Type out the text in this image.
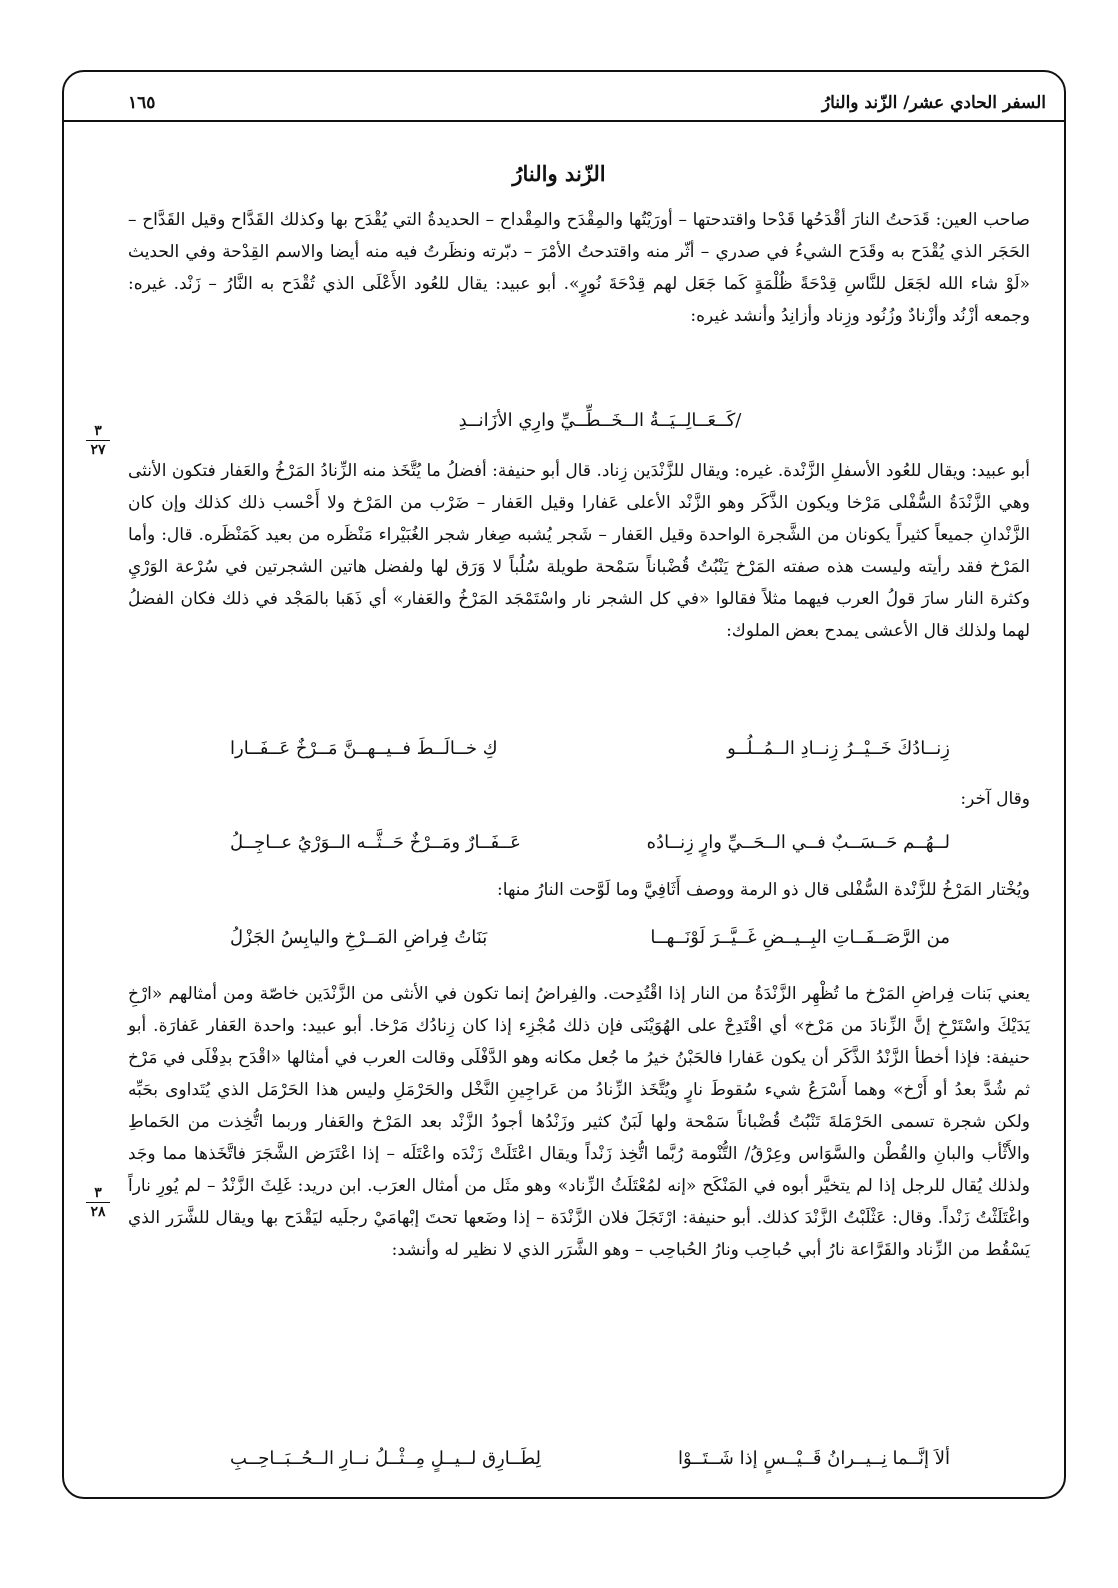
السفر الحادي عشر/ الزّند والنارُ
١٦٥
الزّند والنارُ
صاحب العين: قَدَحتُ النارَ أقْدَحُها قَدْحا واقتدحتها – أورَيْتُها والمِقْدَح والمِقْداح – الحديدةُ التي يُقْدَح بها وكذلك القَدَّاح وقيل القَدَّاح – الحَجَر الذي يُقْدَح به وقَدَح الشيءُ في صدري – أثّر منه واقتدحتُ الأمْرَ – دبّرته ونظَرتُ فيه منه أيضا والاسم القِدْحة وفي الحديث «لَوْ شاء الله لجَعَل للنَّاسِ قِدْحَةً ظُلْمَةٍ كَما جَعَل لهم قِدْحَةَ نُورٍ». أبو عبيد: يقال للعُود الأَعْلَى الذي تُقْدَح به النَّارُ – زَنْد. غيره: وجمعه أزْنُد وأزْنادٌ وزُنُود وزِناد وأزانِدُ وأنشد غيره:
/كَــعَــالِــيَــةُ الــخَــطِّــيِّ وارِي الأزَانــدِ
٣
٢٧
أبو عبيد: ويقال للعُود الأسفلِ الزَّنْدة. غيره: ويقال للزَّنْدَين زِناد. قال أبو حنيفة: أفضلُ ما يُتَّخَذ منه الزِّنادُ المَرْخُ والعَفار فتكون الأنثى وهي الزَّنْدَةُ السُّفْلى مَرْخا ويكون الذَّكَر وهو الزَّنْد الأعلى عَفارا وقيل العَفار – ضَرْب من المَرْخ ولا أَحْسب ذلك كذلك وإن كان الزَّنْدانِ جميعاً كثيراً يكونان من الشَّجرة الواحدة وقيل العَفار – شَجر يُشبه صِغار شجر الغُبَيْراء مَنْظَره من بعيد كَمَنْظَره. قال: وأما المَرْخ فقد رأيته وليست هذه صفته المَرْخ يَنْبُتُ قُضْباناً سَمْحة طويلة سُلُباً لا وَرَق لها ولفضل هاتين الشجرتين في سُرْعة الوَرْيِ وكثرة النار سارَ قولُ العرب فيهما مثلاً فقالوا «في كل الشجر نار واسْتَمْجَد المَرْخُ والعَفار» أي ذَهَبا بالمَجْد في ذلك فكان الفضلُ لهما ولذلك قال الأعشى يمدح بعض الملوك:
زِنــادُكَ خَــيْــرُ زِنــادِ الــمُــلُــو
كِ خــالَــطَ فــيــهــنَّ مَــرْخٌ عَــفَــارا
وقال آخر:
لــهُــم حَــسَــبٌ فــي الــحَــيِّ وارٍ زِنــادُه
عَــفَــارٌ ومَــرْخٌ حَــثَّــه الــوَرْيُ عــاجِــلُ
ويُخْتار المَرْخُ للزَّنْدة السُّفْلى قال ذو الرمة ووصف أَثَافِيَّ وما لَوَّحت النارُ منها:
من الرَّصَــفَــاتِ البِــيــضِ غَــيَّــرَ لَوْنَــهــا
بَنَاتُ فِراضِ المَــرْخِ واليابِسُ الجَزْلُ
يعني بَنات فِراضِ المَرْخ ما تُظْهِر الزَّنْدَةُ من النار إذا اقْتُدِحت. والفِراضُ إنما تكون في الأنثى من الزَّنْدَين خاصّة ومن أمثالهم «ارْخِ يَدَيْكَ واسْتَرْخِ إنَّ الزِّنادَ من مَرْخ» أي اقْتَدِحْ على الهُوَيْنَى فإن ذلك مُجْزِء إذا كان زِنادُك مَرْخا. أبو عبيد: واحدة العَفار عَفارَة. أبو حنيفة: فإذا أخطأ الزَّنْدُ الذَّكَر أن يكون عَفارا فالحَبْنُ خيرُ ما جُعل مكانه وهو الدَّفْلَى وقالت العرب في أمثالها «اقْدَح بدِفْلَى في مَرْخ ثم شُدَّ بعدُ أو أَرْخ» وهما أَسْرَعُ شيء سُقوطَ نارٍ ويُتَّخَذ الزِّنادُ من عَراجِينِ النَّخْل والحَرْمَلِ وليس هذا الحَرْمَل الذي يُتَداوى بحَبِّه ولكن شجرة تسمى الحَرْمَلةَ تَنْبُتُ قُضْباناً سَمْحة ولها لَبَنٌ كثير وزَنْدُها أجودُ الزَّنْد بعد المَرْخ والعَفار وربما اتُّخِذت من الحَماطِ والأَثْأب والبانِ والقُطْن والسَّوَاس وعِرْقُ/ التُّنْومة رُبَّما اتُّخِذ زَنْداً ويقال اعْتَلَتْ زَنْدَه واعْتَلَه – إذا اعْتَرَض الشَّجَرَ فاتَّخَذها مما وجَد ولذلك يُقال للرجل إذا لم يتخيَّر أبوه في المَنْكَح «إنه لمُعْتَلَثُ الزِّناد» وهو مثَل من أمثال العرَب. ابن دريد: غَلِثَ الزَّنْدُ – لم يُورِ ناراً واغْتَلَثْتُ زَنْداً. وقال: عَثْلَبْتُ الزَّنْدَ كذلك. أبو حنيفة: ارْتَجَلَ فلان الزَّنْدَة – إذا وضَعها تحتَ إبْهامَيْ رجلَيه ليَقْدَح بها ويقال للشَّرَر الذي يَسْقُط من الزِّناد والقَرَّاعة نارُ أبي حُباحِب ونارُ الحُباحِب – وهو الشَّرَر الذي لا نظير له وأنشد:
٣
٢٨
ألاَ إنَّــما نِــيــرانُ قَــيْــسٍ إذا شَــتَــوْا
لِطَــارِق لــيــلٍ مِــثْــلُ نــارِ الــحُــبَــاحِــبِ
